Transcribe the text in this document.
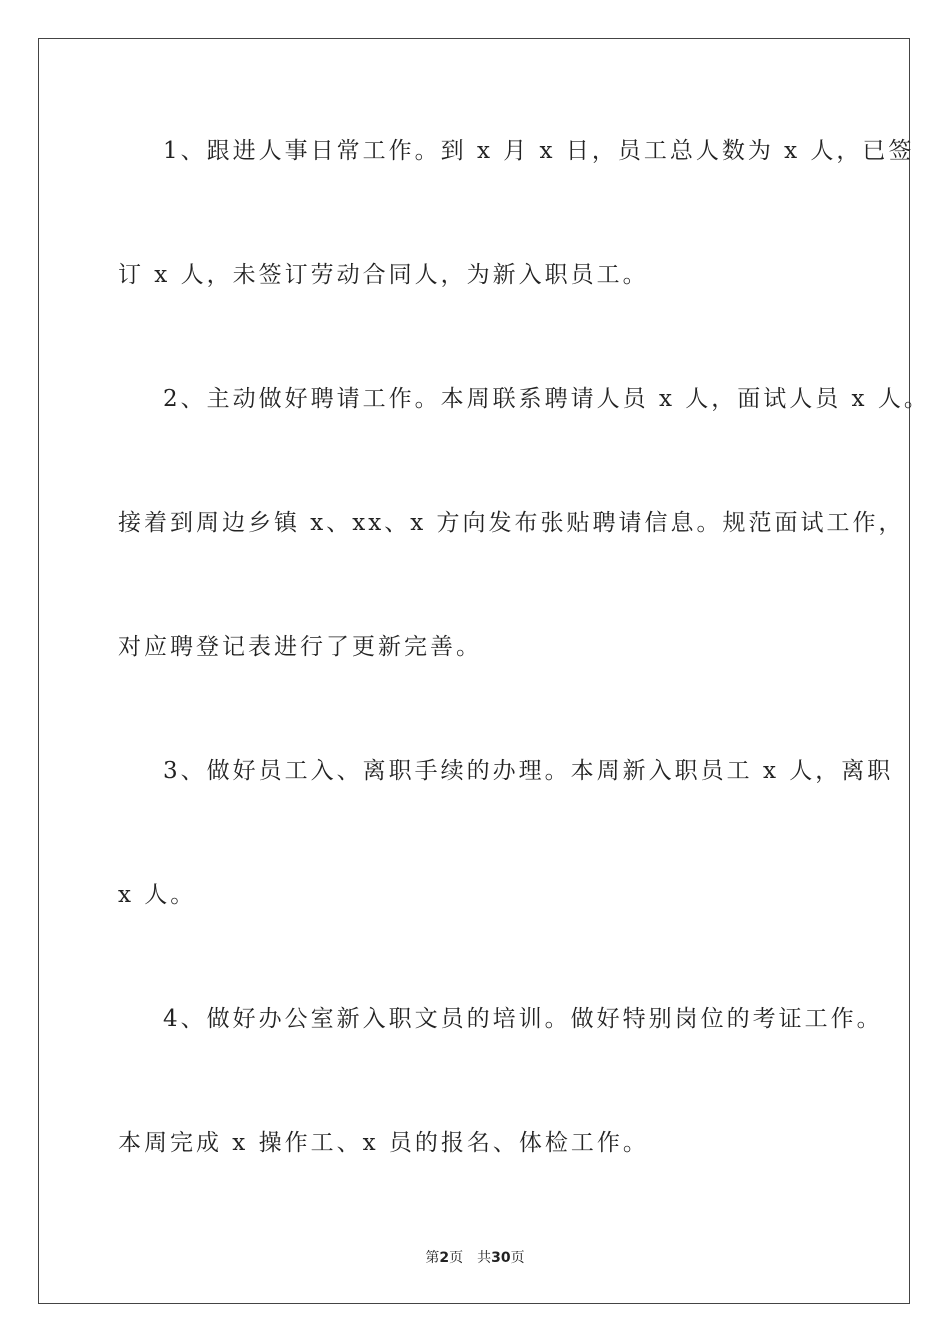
1、跟进人事日常工作。到 x 月 x 日，员工总人数为 x 人，已签
订 x 人，未签订劳动合同人，为新入职员工。
2、主动做好聘请工作。本周联系聘请人员 x 人，面试人员 x 人。
接着到周边乡镇 x、xx、x 方向发布张贴聘请信息。规范面试工作，
对应聘登记表进行了更新完善。
3、做好员工入、离职手续的办理。本周新入职员工 x 人，离职
x 人。
4、做好办公室新入职文员的培训。做好特别岗位的考证工作。
本周完成 x 操作工、x 员的报名、体检工作。
第2页　共30页
